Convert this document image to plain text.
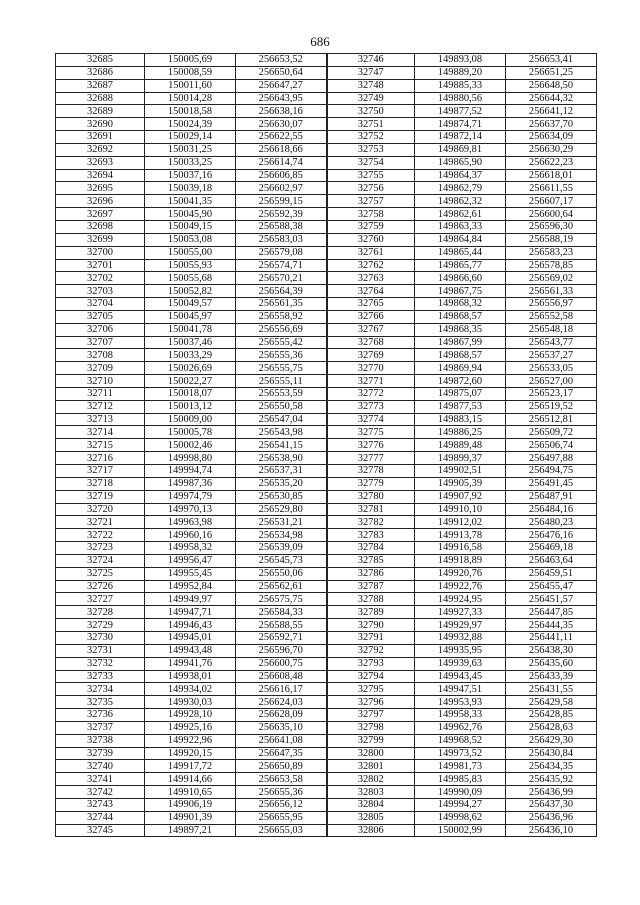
686
32685	150005,69	256653,52	32746	149893,08	256653,41
32686	150008,59	256650,64	32747	149889,20	256651,25
32687	150011,60	256647,27	32748	149885,33	256648,50
32688	150014,28	256643,95	32749	149880,56	256644,32
32689	150018,58	256638,16	32750	149877,52	256641,12
32690	150024,39	256630,07	32751	149874,71	256637,70
32691	150029,14	256622,55	32752	149872,14	256634,09
32692	150031,25	256618,66	32753	149869,81	256630,29
32693	150033,25	256614,74	32754	149865,90	256622,23
32694	150037,16	256606,85	32755	149864,37	256618,01
32695	150039,18	256602,97	32756	149862,79	256611,55
32696	150041,35	256599,15	32757	149862,32	256607,17
32697	150045,90	256592,39	32758	149862,61	256600,64
32698	150049,15	256588,38	32759	149863,33	256596,30
32699	150053,08	256583,03	32760	149864,84	256588,19
32700	150055,00	256579,08	32761	149865,44	256583,23
32701	150055,93	256574,71	32762	149865,77	256578,85
32702	150055,68	256570,21	32763	149866,60	256569,02
32703	150052,82	256564,39	32764	149867,75	256561,33
32704	150049,57	256561,35	32765	149868,32	256556,97
32705	150045,97	256558,92	32766	149868,57	256552,58
32706	150041,78	256556,69	32767	149868,35	256548,18
32707	150037,46	256555,42	32768	149867,99	256543,77
32708	150033,29	256555,36	32769	149868,57	256537,27
32709	150026,69	256555,75	32770	149869,94	256533,05
32710	150022,27	256555,11	32771	149872,60	256527,00
32711	150018,07	256553,59	32772	149875,07	256523,17
32712	150013,12	256550,58	32773	149877,53	256519,52
32713	150009,00	256547,04	32774	149883,15	256512,81
32714	150005,78	256543,98	32775	149886,25	256509,72
32715	150002,46	256541,15	32776	149889,48	256506,74
32716	149998,80	256538,90	32777	149899,37	256497,88
32717	149994,74	256537,31	32778	149902,51	256494,75
32718	149987,36	256535,20	32779	149905,39	256491,45
32719	149974,79	256530,85	32780	149907,92	256487,91
32720	149970,13	256529,80	32781	149910,10	256484,16
32721	149963,98	256531,21	32782	149912,02	256480,23
32722	149960,16	256534,98	32783	149913,78	256476,16
32723	149958,32	256539,09	32784	149916,58	256469,18
32724	149956,47	256545,73	32785	149918,89	256463,64
32725	149955,45	256550,06	32786	149920,76	256459,51
32726	149952,84	256562,61	32787	149922,76	256455,47
32727	149949,97	256575,75	32788	149924,95	256451,57
32728	149947,71	256584,33	32789	149927,33	256447,85
32729	149946,43	256588,55	32790	149929,97	256444,35
32730	149945,01	256592,71	32791	149932,88	256441,11
32731	149943,48	256596,70	32792	149935,95	256438,30
32732	149941,76	256600,75	32793	149939,63	256435,60
32733	149938,01	256608,48	32794	149943,45	256433,39
32734	149934,02	256616,17	32795	149947,51	256431,55
32735	149930,03	256624,03	32796	149953,93	256429,58
32736	149928,10	256628,09	32797	149958,33	256428,85
32737	149925,16	256635,10	32798	149962,76	256428,63
32738	149922,96	256641,08	32799	149968,52	256429,30
32739	149920,15	256647,35	32800	149973,52	256430,84
32740	149917,72	256650,89	32801	149981,73	256434,35
32741	149914,66	256653,58	32802	149985,83	256435,92
32742	149910,65	256655,36	32803	149990,09	256436,99
32743	149906,19	256656,12	32804	149994,27	256437,30
32744	149901,39	256655,95	32805	149998,62	256436,96
32745	149897,21	256655,03	32806	150002,99	256436,10
